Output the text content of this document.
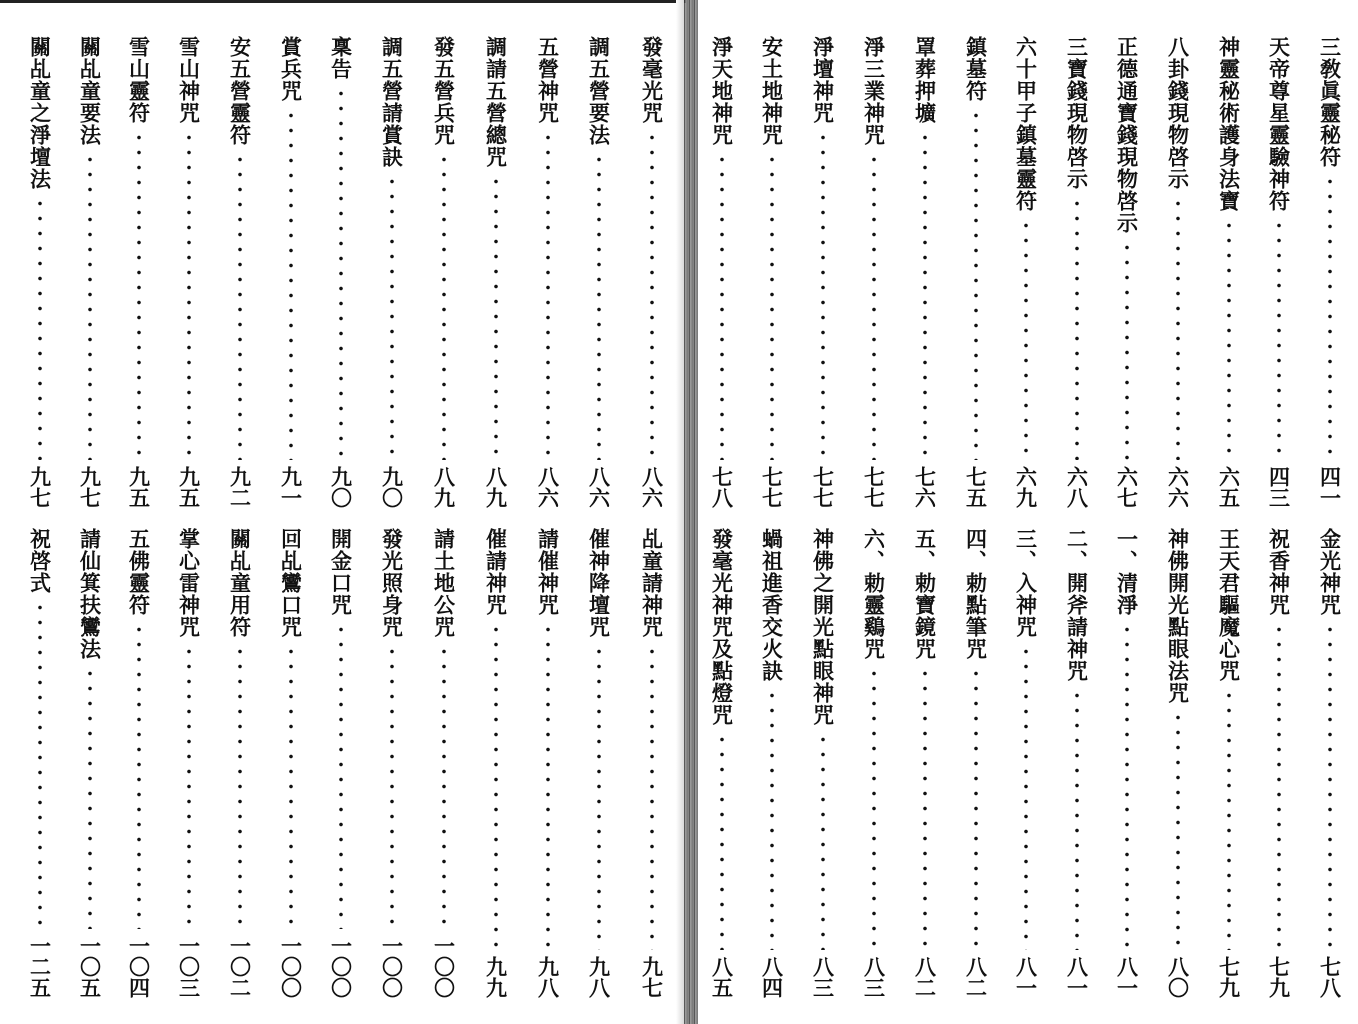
發毫光咒
八六
調五營要法
八六
五營神咒
八六
調請五營總咒
八九
發五營兵咒
八九
調五營請賞訣
九〇
稟告
九〇
賞兵咒
九一
安五營靈符
九二
雪山神咒
九五
雪山靈符
九五
關乩童要法
九七
關乩童之淨壇法
九七
乩童請神咒
九七
催神降壇咒
九八
請催神咒
九八
催請神咒
九九
請土地公咒
一〇〇
發光照身咒
一〇〇
開金口咒
一〇〇
回乩鸞口咒
一〇〇
關乩童用符
一〇二
掌心雷神咒
一〇三
五佛靈符
一〇四
請仙箕扶鸞法
一〇五
祝啓式
一二五
三敎眞靈秘符
四一
天帝尊星靈驗神符
四三
神靈秘術護身法寶
六五
八卦錢現物啓示
六六
正德通寶錢現物啓示
六七
三寶錢現物啓示
六八
六十甲子鎮墓靈符
六九
鎮墓符
七五
罩葬押壙
七六
淨三業神咒
七七
淨壇神咒
七七
安土地神咒
七七
淨天地神咒
七八
金光神咒
七八
祝香神咒
七九
王天君驅魔心咒
七九
神佛開光點眼法咒
八〇
一、清淨
八一
二、開斧請神咒
八一
三、入神咒
八一
四、勅點筆咒
八二
五、勅寶鏡咒
八二
六、勅靈鷄咒
八三
神佛之開光點眼神咒
八三
蝸祖進香交火訣
八四
發毫光神咒及點燈咒
八五
